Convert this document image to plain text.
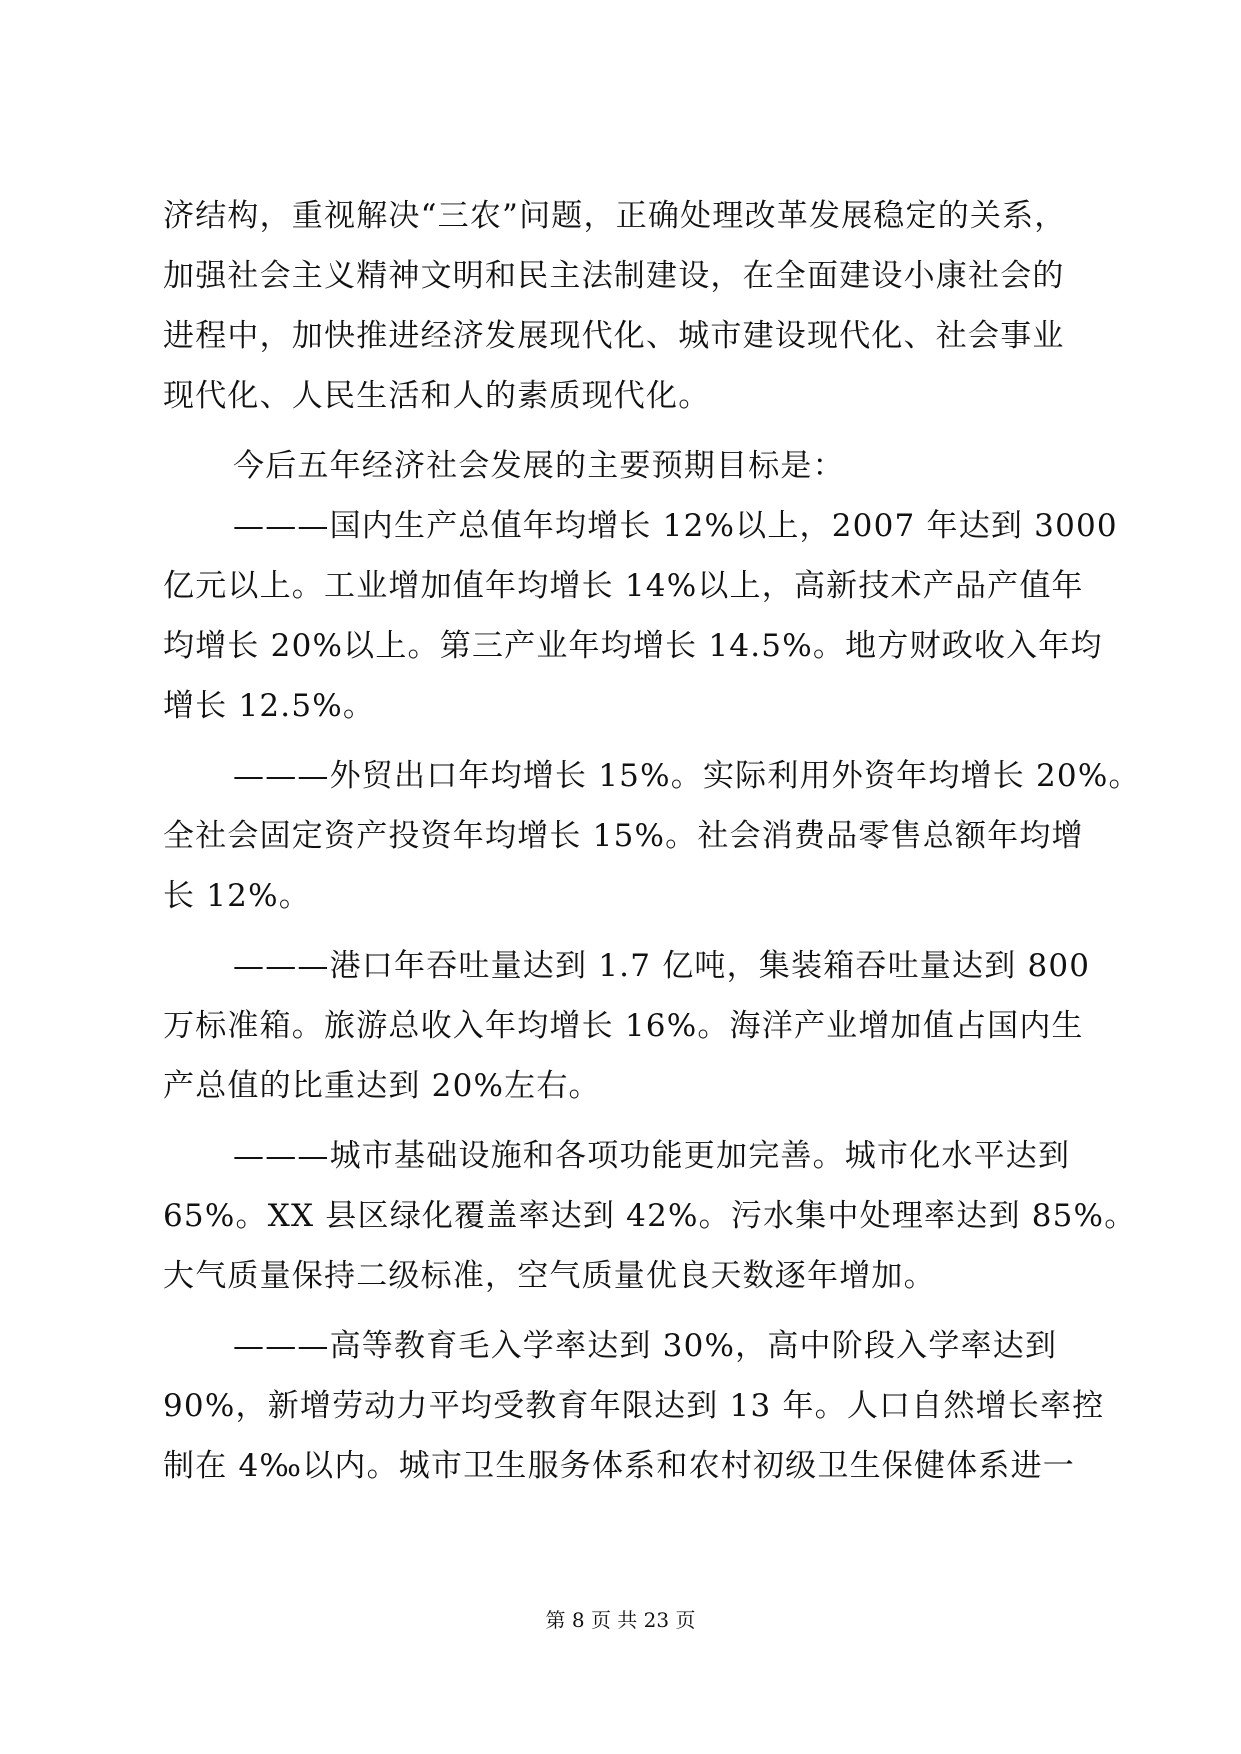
济结构，重视解决“三农”问题，正确处理改革发展稳定的关系，
加强社会主义精神文明和民主法制建设，在全面建设小康社会的
进程中，加快推进经济发展现代化、城市建设现代化、社会事业
现代化、人民生活和人的素质现代化。
今后五年经济社会发展的主要预期目标是：
———国内生产总值年均增长 12%以上，2007 年达到 3000
亿元以上。工业增加值年均增长 14%以上，高新技术产品产值年
均增长 20%以上。第三产业年均增长 14.5%。地方财政收入年均
增长 12.5%。
———外贸出口年均增长 15%。实际利用外资年均增长 20%。
全社会固定资产投资年均增长 15%。社会消费品零售总额年均增
长 12%。
———港口年吞吐量达到 1.7 亿吨，集装箱吞吐量达到 800
万标准箱。旅游总收入年均增长 16%。海洋产业增加值占国内生
产总值的比重达到 20%左右。
———城市基础设施和各项功能更加完善。城市化水平达到
65%。XX 县区绿化覆盖率达到 42%。污水集中处理率达到 85%。
大气质量保持二级标准，空气质量优良天数逐年增加。
———高等教育毛入学率达到 30%，高中阶段入学率达到
90%，新增劳动力平均受教育年限达到 13 年。人口自然增长率控
制在 4‰以内。城市卫生服务体系和农村初级卫生保健体系进一
第 8 页 共 23 页
